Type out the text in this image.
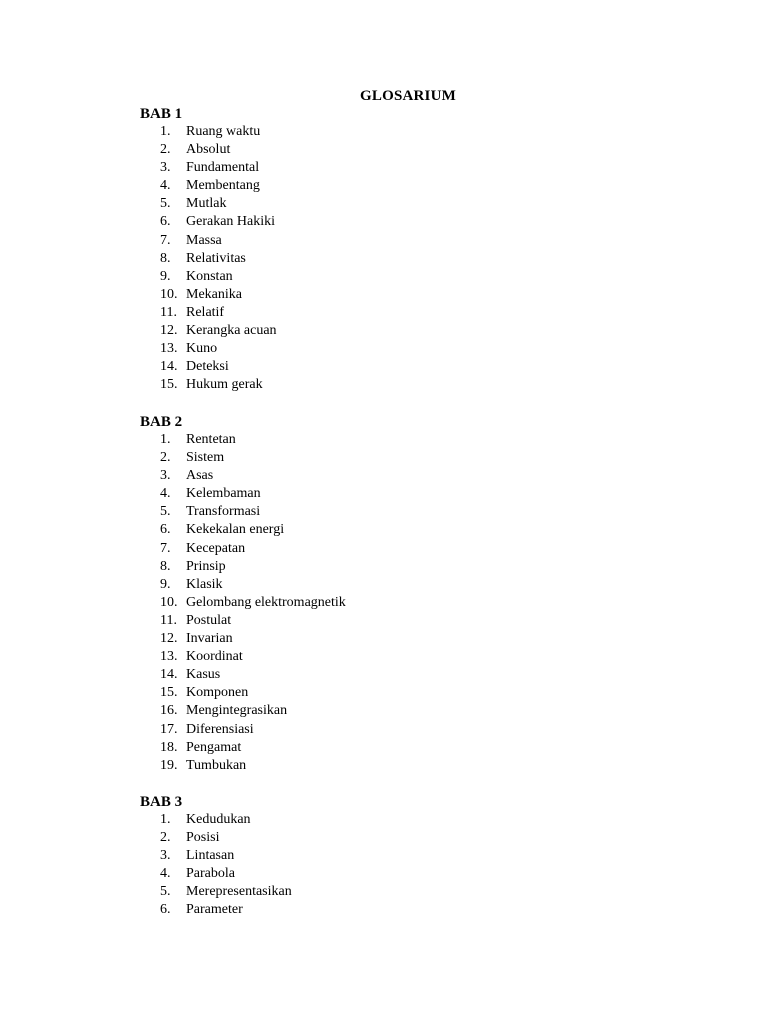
GLOSARIUM
BAB 1
1.	Ruang waktu
2.	Absolut
3.	Fundamental
4.	Membentang
5.	Mutlak
6.	Gerakan Hakiki
7.	Massa
8.	Relativitas
9.	Konstan
10. Mekanika
11. Relatif
12. Kerangka acuan
13. Kuno
14. Deteksi
15. Hukum gerak
BAB 2
1.	Rentetan
2.	Sistem
3.	Asas
4.	Kelembaman
5.	Transformasi
6.	Kekekalan energi
7.	Kecepatan
8.	Prinsip
9.	Klasik
10. Gelombang elektromagnetik
11. Postulat
12. Invarian
13. Koordinat
14. Kasus
15. Komponen
16. Mengintegrasikan
17. Diferensiasi
18. Pengamat
19. Tumbukan
BAB 3
1.	Kedudukan
2.	Posisi
3.	Lintasan
4.	Parabola
5.	Merepresentasikan
6.	Parameter
